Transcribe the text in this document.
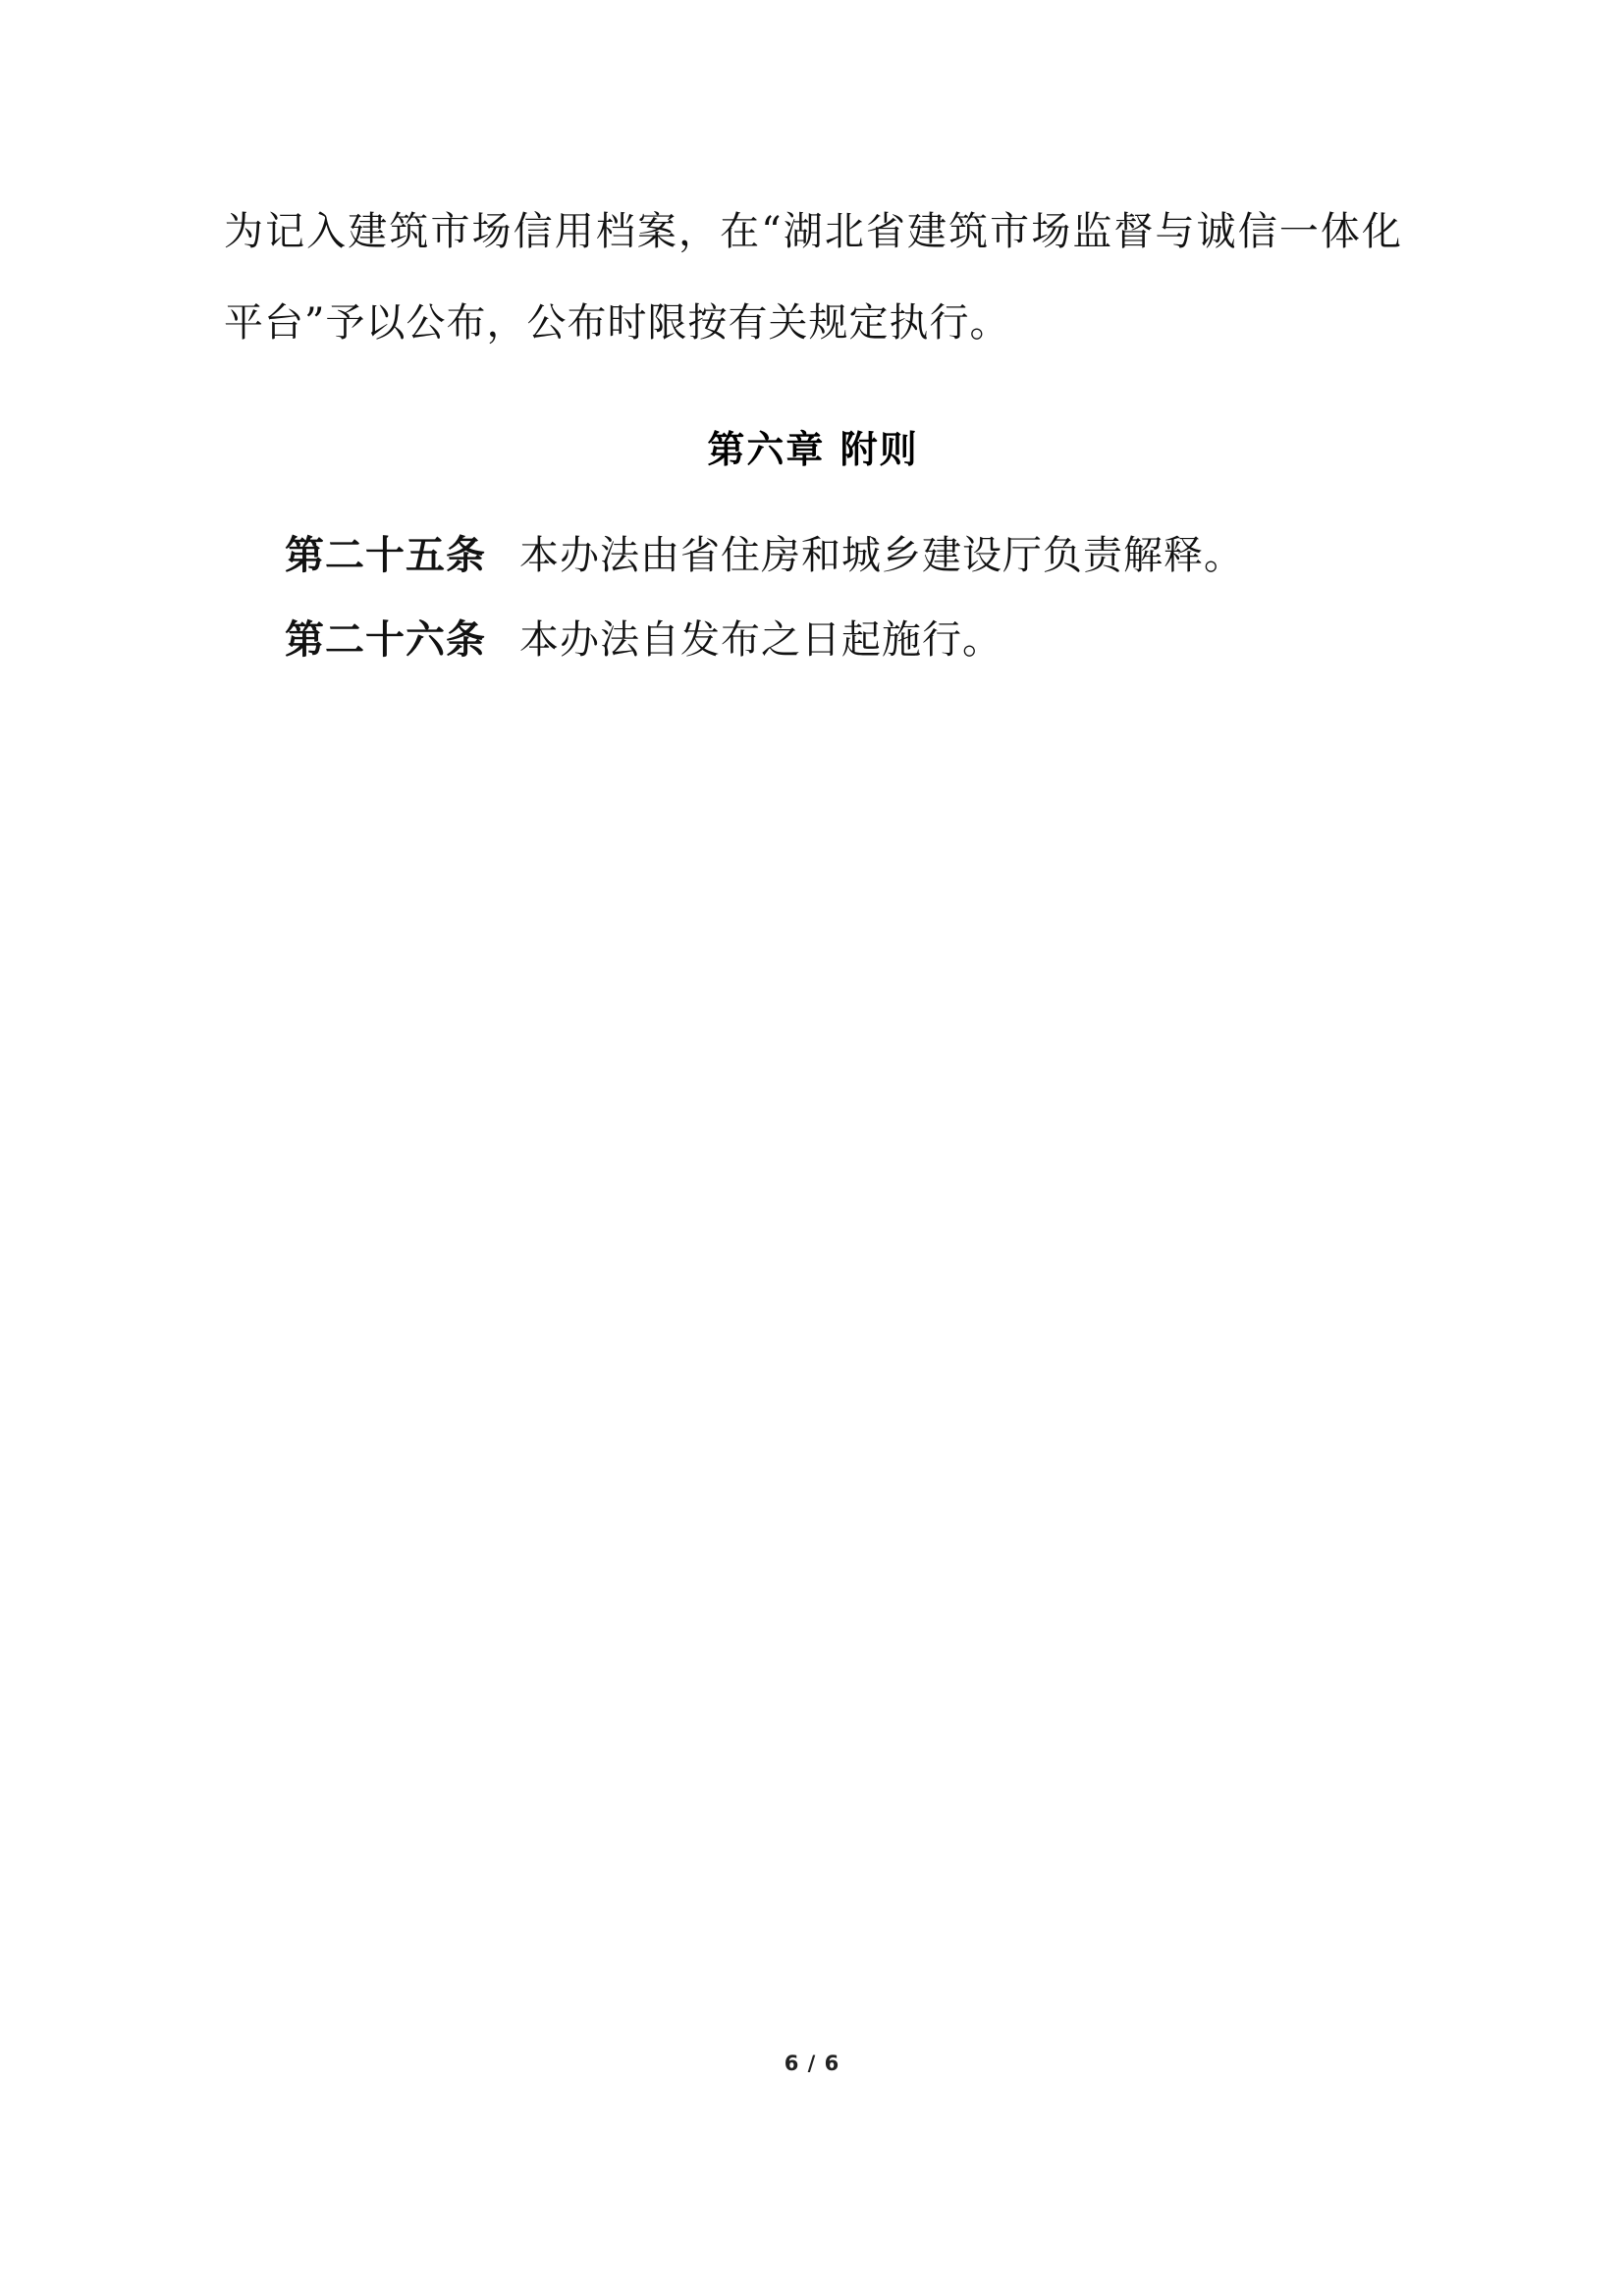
为记入建筑市场信用档案，在“湖北省建筑市场监督与诚信一体化平台”予以公布，公布时限按有关规定执行。

第六章 附则

第二十五条 本办法由省住房和城乡建设厅负责解释。

第二十六条 本办法自发布之日起施行。

6 / 6
